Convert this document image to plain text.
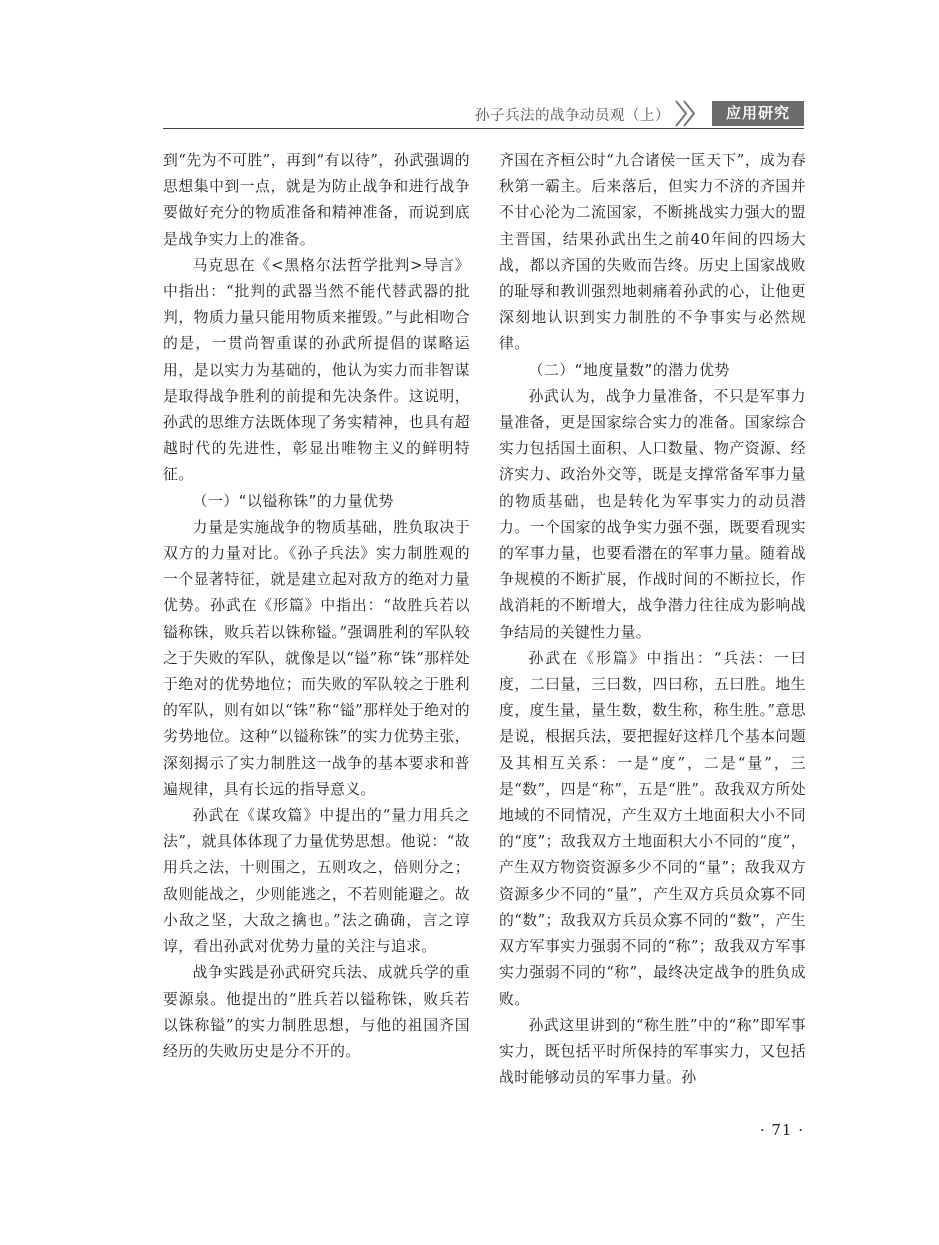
孙子兵法的战争动员观（上）	应用研究

到“先为不可胜”，再到“有以待”，孙武强调的思想集中到一点，就是为防止战争和进行战争要做好充分的物质准备和精神准备，而说到底是战争实力上的准备。

马克思在《<黑格尔法哲学批判>导言》中指出：“批判的武器当然不能代替武器的批判，物质力量只能用物质来摧毁。”与此相吻合的是，一贯尚智重谋的孙武所提倡的谋略运用，是以实力为基础的，他认为实力而非智谋是取得战争胜利的前提和先决条件。这说明，孙武的思维方法既体现了务实精神，也具有超越时代的先进性，彰显出唯物主义的鲜明特征。

（一）“以镒称铢”的力量优势

力量是实施战争的物质基础，胜负取决于双方的力量对比。《孙子兵法》实力制胜观的一个显著特征，就是建立起对敌方的绝对力量优势。孙武在《形篇》中指出：“故胜兵若以镒称铢，败兵若以铢称镒。”强调胜利的军队较之于失败的军队，就像是以“镒”称“铢”那样处于绝对的优势地位；而失败的军队较之于胜利的军队，则有如以“铢”称“镒”那样处于绝对的劣势地位。这种“以镒称铢”的实力优势主张，深刻揭示了实力制胜这一战争的基本要求和普遍规律，具有长远的指导意义。

孙武在《谋攻篇》中提出的“量力用兵之法”，就具体体现了力量优势思想。他说：“故用兵之法，十则围之，五则攻之，倍则分之；敌则能战之，少则能逃之，不若则能避之。故小敌之坚，大敌之擒也。”法之确确，言之谆谆，看出孙武对优势力量的关注与追求。

战争实践是孙武研究兵法、成就兵学的重要源泉。他提出的“胜兵若以镒称铢，败兵若以铢称镒”的实力制胜思想，与他的祖国齐国经历的失败历史是分不开的。

齐国在齐桓公时“九合诸侯一匡天下”，成为春秋第一霸主。后来落后，但实力不济的齐国并不甘心沦为二流国家，不断挑战实力强大的盟主晋国，结果孙武出生之前40年间的四场大战，都以齐国的失败而告终。历史上国家战败的耻辱和教训强烈地刺痛着孙武的心，让他更深刻地认识到实力制胜的不争事实与必然规律。

（二）“地度量数”的潜力优势

孙武认为，战争力量准备，不只是军事力量准备，更是国家综合实力的准备。国家综合实力包括国土面积、人口数量、物产资源、经济实力、政治外交等，既是支撑常备军事力量的物质基础，也是转化为军事实力的动员潜力。一个国家的战争实力强不强，既要看现实的军事力量，也要看潜在的军事力量。随着战争规模的不断扩展，作战时间的不断拉长，作战消耗的不断增大，战争潜力往往成为影响战争结局的关键性力量。

孙武在《形篇》中指出：“兵法：一曰度，二曰量，三曰数，四曰称，五曰胜。地生度，度生量，量生数，数生称，称生胜。”意思是说，根据兵法，要把握好这样几个基本问题及其相互关系：一是“度”，二是“量”，三是“数”，四是“称”，五是“胜”。敌我双方所处地域的不同情况，产生双方土地面积大小不同的“度”；敌我双方土地面积大小不同的“度”，产生双方物资资源多少不同的“量”；敌我双方资源多少不同的“量”，产生双方兵员众寡不同的“数”；敌我双方兵员众寡不同的“数”，产生双方军事实力强弱不同的“称”；敌我双方军事实力强弱不同的“称”，最终决定战争的胜负成败。

孙武这里讲到的“称生胜”中的“称”即军事实力，既包括平时所保持的军事实力，又包括战时能够动员的军事力量。孙

· 71 ·
